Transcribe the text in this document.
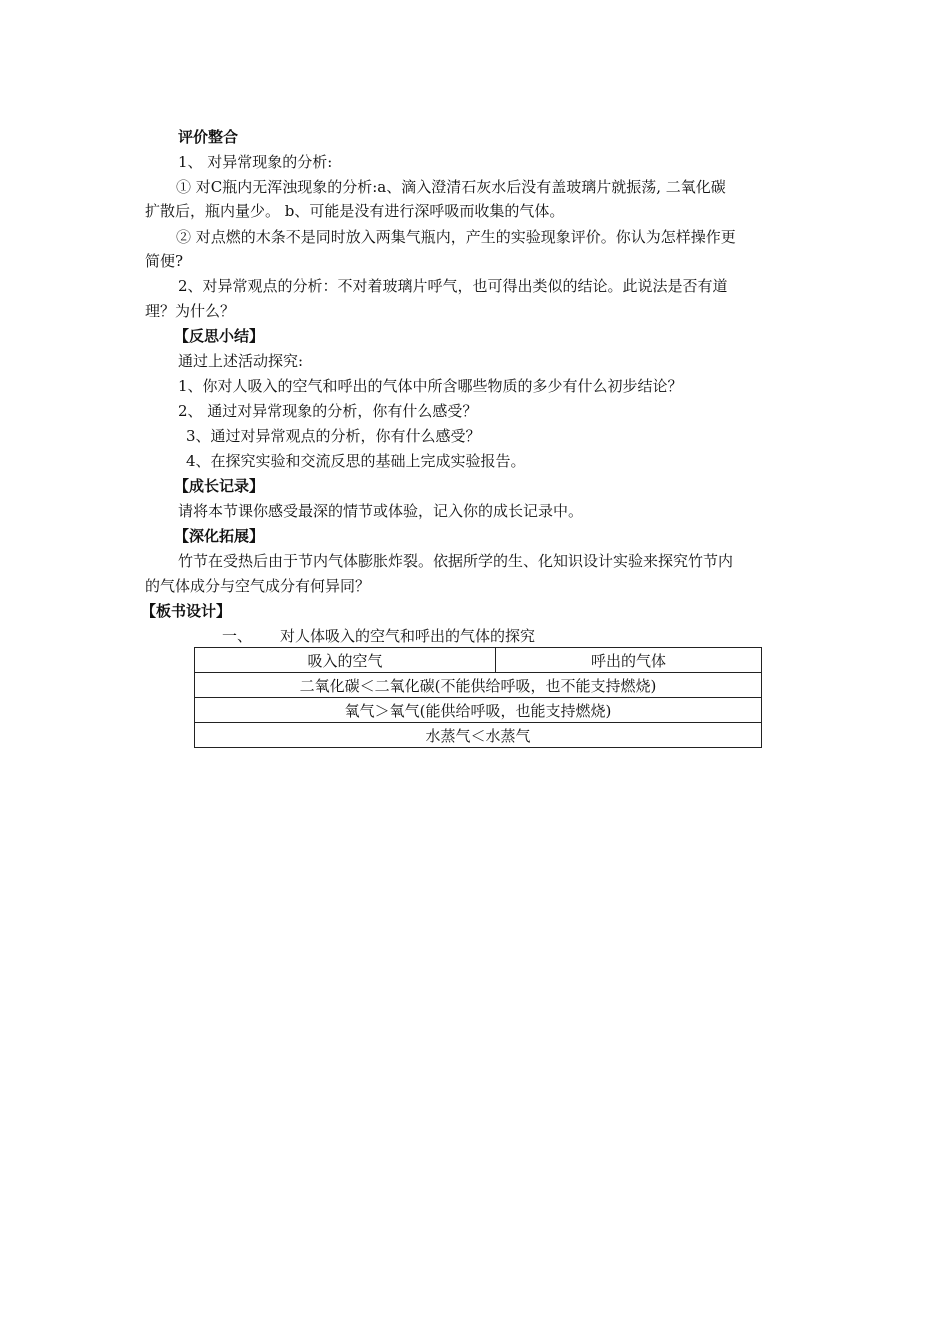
评价整合
1、 对异常现象的分析:
① 对C瓶内无浑浊现象的分析:a、滴入澄清石灰水后没有盖玻璃片就振荡, 二氧化碳
扩散后，瓶内量少。 b、可能是没有进行深呼吸而收集的气体。
② 对点燃的木条不是同时放入两集气瓶内，产生的实验现象评价。你认为怎样操作更
简便?
2、对异常观点的分析：不对着玻璃片呼气，也可得出类似的结论。此说法是否有道
理？为什么？
【反思小结】
通过上述活动探究:
1、你对人吸入的空气和呼出的气体中所含哪些物质的多少有什么初步结论？
2、 通过对异常现象的分析，你有什么感受？
3、通过对异常观点的分析，你有什么感受？
4、在探究实验和交流反思的基础上完成实验报告。
【成长记录】
请将本节课你感受最深的情节或体验，记入你的成长记录中。
【深化拓展】
竹节在受热后由于节内气体膨胀炸裂。依据所学的生、化知识设计实验来探究竹节内
的气体成分与空气成分有何异同？
【板书设计】
一、 对人体吸入的空气和呼出的气体的探究
吸入的空气	呼出的气体
二氧化碳＜二氧化碳(不能供给呼吸，也不能支持燃烧)
氧气＞氧气(能供给呼吸，也能支持燃烧)
水蒸气＜水蒸气
